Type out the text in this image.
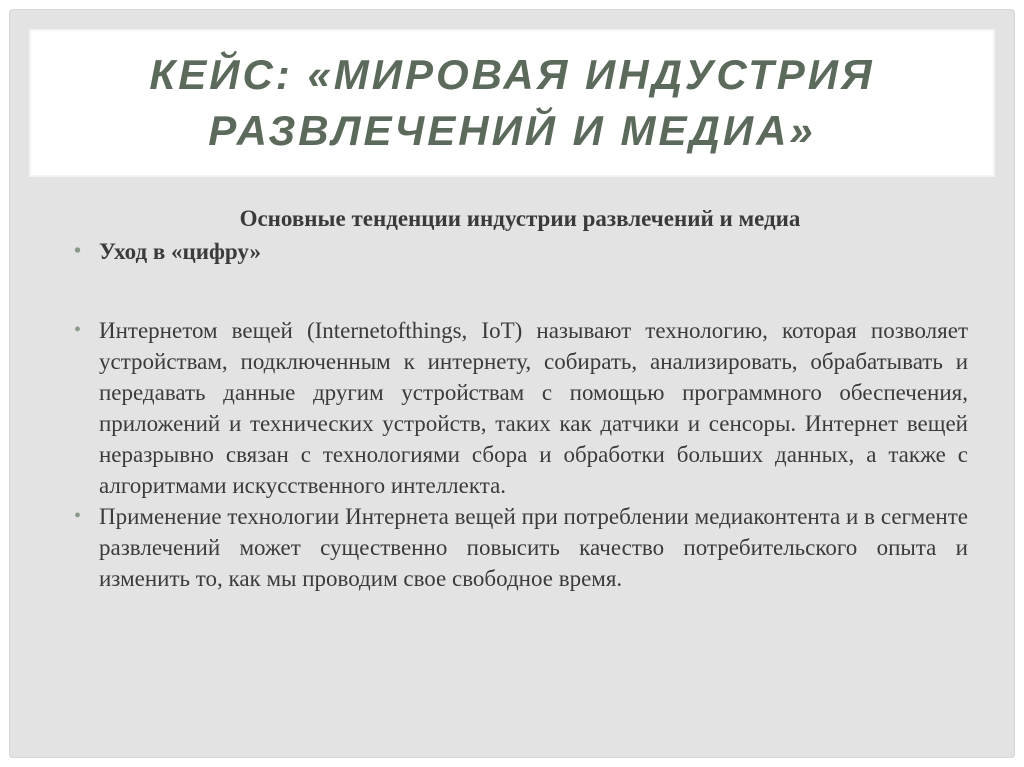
КЕЙС: «МИРОВАЯ ИНДУСТРИЯ
РАЗВЛЕЧЕНИЙ И МЕДИА»
Основные тенденции индустрии развлечений и медиа
• Уход в «цифру»
• Интернетом вещей (Internetofthings, IoT) называют технологию, которая позволяет устройствам, подключенным к интернету, собирать, анализировать, обрабатывать и передавать данные другим устройствам с помощью программного обеспечения, приложений и технических устройств, таких как датчики и сенсоры. Интернет вещей неразрывно связан с технологиями сбора и обработки больших данных, а также с алгоритмами искусственного интеллекта.
• Применение технологии Интернета вещей при потреблении медиаконтента и в сегменте развлечений может существенно повысить качество потребительского опыта и изменить то, как мы проводим свое свободное время.
